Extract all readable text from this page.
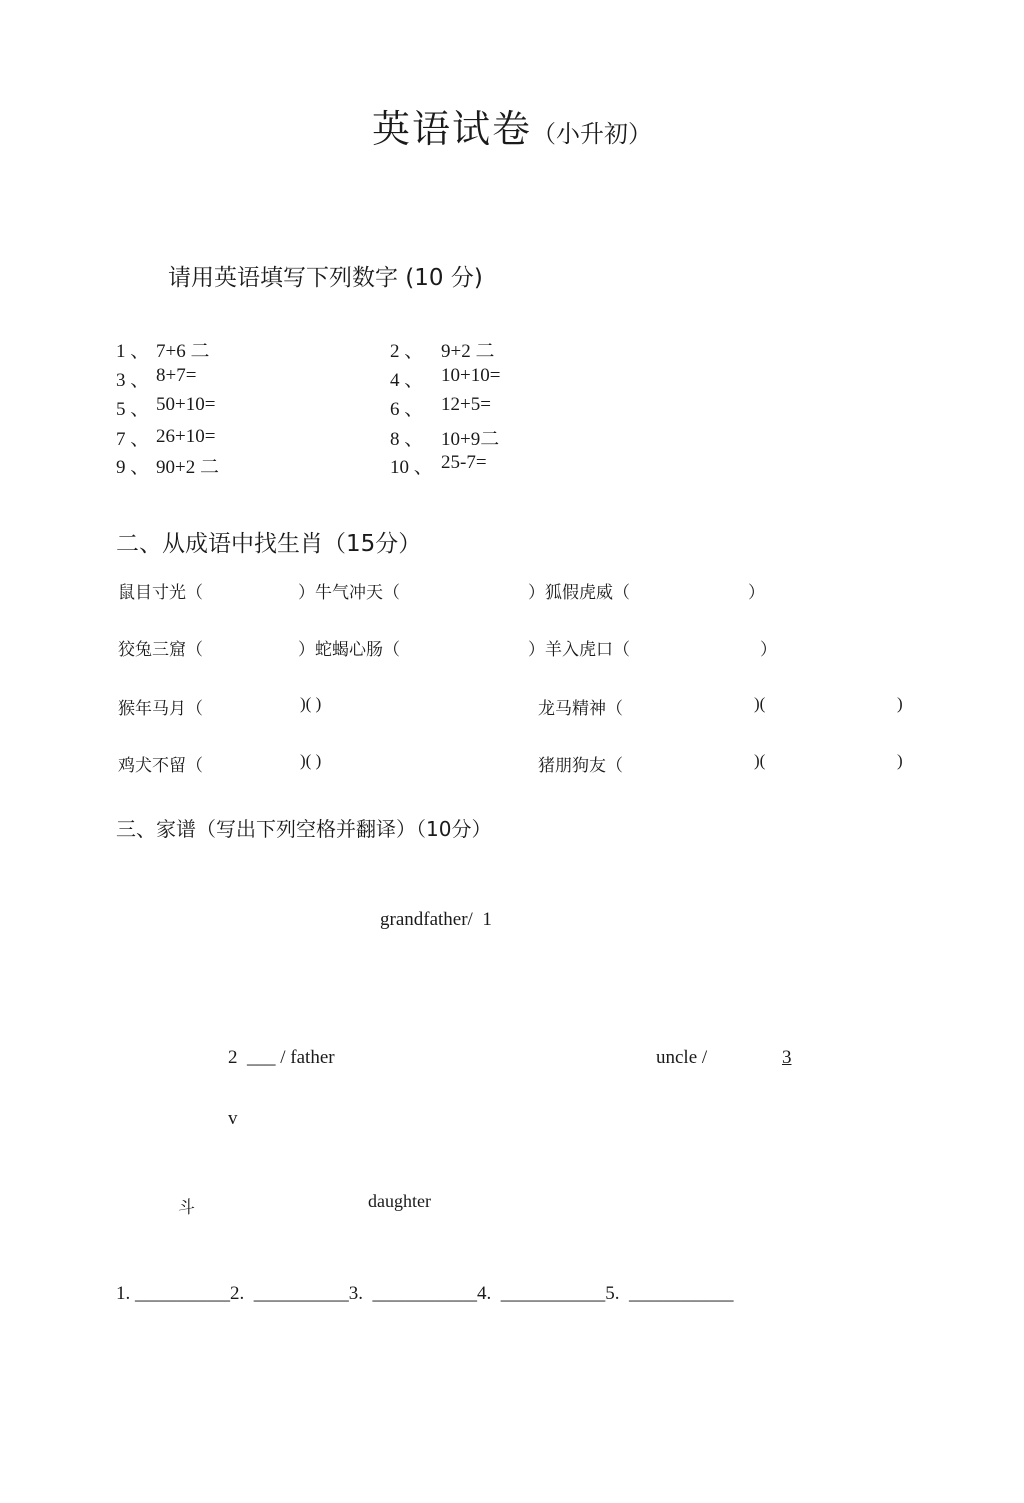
英语试卷（小升初）
请用英语填写下列数字 (10 分)
1 、 7+6 二	2 、 9+2 二
3 、 8+7=	4 、 10+10=
5 、 50+10=	6 、 12+5=
7 、 26+10=	8 、 10+9二
9 、 90+2 二	10 、 25-7=
二、从成语中找生肖（15分）
鼠目寸光（	）牛气冲天（	）狐假虎威（	）
狡兔三窟（	）蛇蝎心肠（	）羊入虎口（	）
猴年马月（	)( )	龙马精神（	)(	)
鸡犬不留（	)( )	猪朋狗友（	)(	)
三、家谱（写出下列空格并翻译）（10分）
grandfather/  1
2  ___ / father	uncle /	3
v
斗	daughter
1. __________2.  __________3.  ___________4.  ___________5.  ___________
